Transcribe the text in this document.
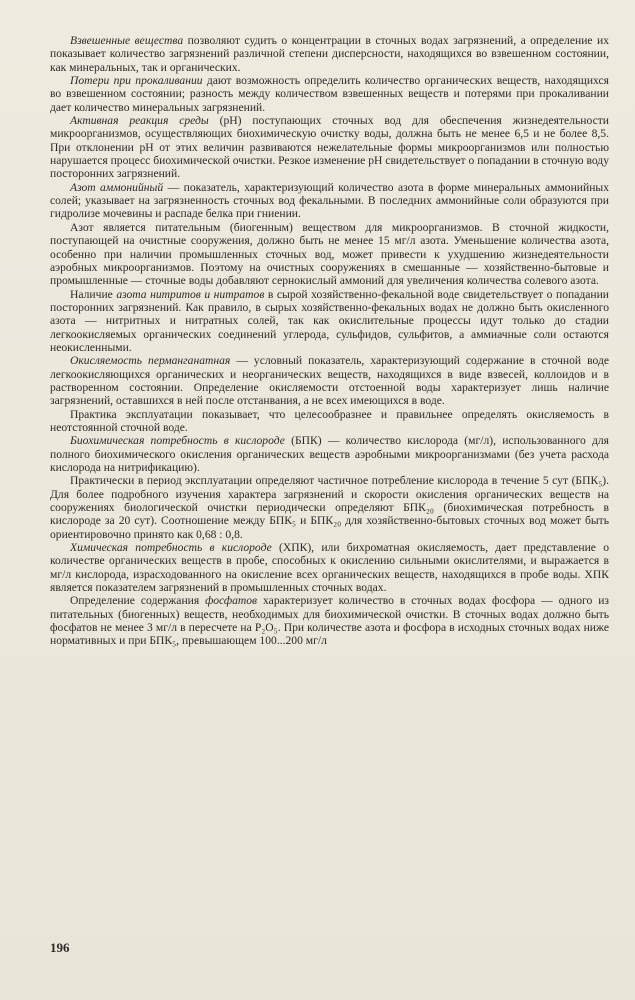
Взвешенные вещества позволяют судить о концентрации в сточных водах загрязнений, а определение их показывает количество загрязнений различной степени дисперсности, находящихся во взвешенном состоянии, как минеральных, так и органических.

Потери при прокаливании дают возможность определить количество органических веществ, находящихся во взвешенном состоянии; разность между количеством взвешенных веществ и потерями при прокаливании дает количество минеральных загрязнений.

Активная реакция среды (pH) поступающих сточных вод для обеспечения жизнедеятельности микроорганизмов, осуществляющих биохимическую очистку воды, должна быть не менее 6,5 и не более 8,5. При отклонении pH от этих величин развиваются нежелательные формы микроорганизмов или полностью нарушается процесс биохимической очистки. Резкое изменение pH свидетельствует о попадании в сточную воду посторонних загрязнений.

Азот аммонийный — показатель, характеризующий количество азота в форме минеральных аммонийных солей; указывает на загрязненность сточных вод фекальными. В последних аммонийные соли образуются при гидролизе мочевины и распаде белка при гниении.

Азот является питательным (биогенным) веществом для микроорганизмов. В сточной жидкости, поступающей на очистные сооружения, должно быть не менее 15 мг/л азота. Уменьшение количества азота, особенно при наличии промышленных сточных вод, может привести к ухудшению жизнедеятельности аэробных микроорганизмов. Поэтому на очистных сооружениях в смешанные — хозяйственно-бытовые и промышленные — сточные воды добавляют сернокислый аммоний для увеличения количества солевого азота.

Наличие азота нитритов и нитратов в сырой хозяйственно-фекальной воде свидетельствует о попадании посторонних загрязнений. Как правило, в сырых хозяйственно-фекальных водах не должно быть окисленного азота — нитритных и нитратных солей, так как окислительные процессы идут только до стадии легкоокисляемых органических соединений углерода, сульфидов, сульфитов, а аммиачные соли остаются неокисленными.

Окисляемость перманганатная — условный показатель, характеризующий содержание в сточной воде легкоокисляющихся органических и неорганических веществ, находящихся в виде взвесей, коллоидов и в растворенном состоянии. Определение окисляемости отстоенной воды характеризует лишь наличие загрязнений, оставшихся в ней после отстанвания, а не всех имеющихся в воде.

Практика эксплуатации показывает, что целесообразнее и правильнее определять окисляемость в неотстоянной сточной воде.

Биохимическая потребность в кислороде (БПК) — количество кислорода (мг/л), использованного для полного биохимического окисления органических веществ аэробными микроорганизмами (без учета расхода кислорода на нитрификацию).

Практически в период эксплуатации определяют частичное потребление кислорода в течение 5 сут (БПК₅). Для более подробного изучения характера загрязнений и скорости окисления органических веществ на сооружениях биологической очистки периодически определяют БПК₂₀ (биохимическая потребность в кислороде за 20 сут). Соотношение между БПК₅ и БПК₂₀ для хозяйственно-бытовых сточных вод может быть ориентировочно принято как 0,68 : 0,8.

Химическая потребность в кислороде (ХПК), или бихроматная окисляемость, дает представление о количестве органических веществ в пробе, способных к окислению сильными окислителями, и выражается в мг/л кислорода, израсходованного на окисление всех органических веществ, находящихся в пробе воды. ХПК является показателем загрязнений в промышленных сточных водах.

Определение содержания фосфатов характеризует количество в сточных водах фосфора — одного из питательных (биогенных) веществ, необходимых для биохимической очистки. В сточных водах должно быть фосфатов не менее 3 мг/л в пересчете на P₂O₅. При количестве азота и фосфора в исходных сточных водах ниже нормативных и при БПК₅, превышающем 100...200 мг/л

196
